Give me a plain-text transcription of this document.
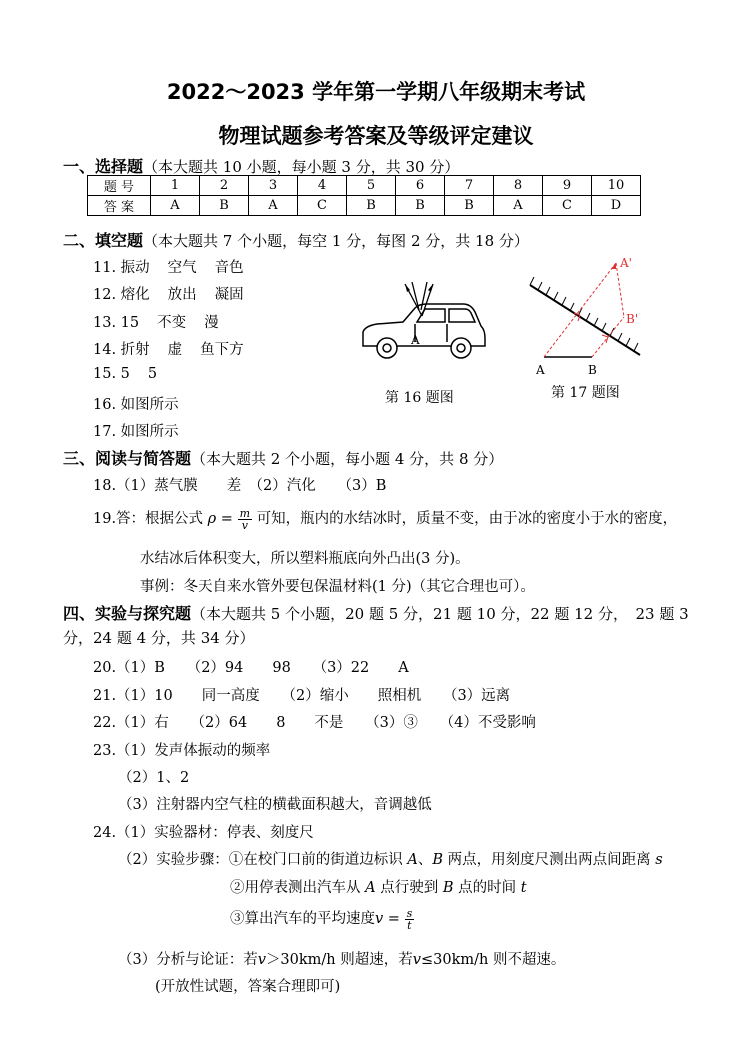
2022～2023 学年第一学期八年级期末考试
物理试题参考答案及等级评定建议
一、选择题（本大题共 10 小题，每小题 3 分，共 30 分）
题 号	1	2	3	4	5	6	7	8	9	10
答 案	A	B	A	C	B	B	B	A	C	D
二、填空题（本大题共 7 个小题，每空 1 分，每图 2 分，共 18 分）
11. 振动 空气 音色
12. 熔化 放出 凝固
13. 15 不变 漫
14. 折射 虚 鱼下方
15. 5 5
16. 如图所示
17. 如图所示
A
第 16 题图
A'
B'
A	B
第 17 题图
三、阅读与简答题（本大题共 2 个小题，每小题 4 分，共 8 分）
18.（1）蒸气膜　　差　（2）汽化　　（3）B
19.答：根据公式 $\rho = \frac{m}{v}$ 可知，瓶内的水结冰时，质量不变，由于冰的密度小于水的密度，
水结冰后体积变大，所以塑料瓶底向外凸出(3 分)。
事例：冬天自来水管外要包保温材料(1 分)（其它合理也可）。
四、实验与探究题（本大题共 5 个小题，20 题 5 分，21 题 10 分，22 题 12 分，　23 题 3
分，24 题 4 分，共 34 分）
20.（1）B　　（2）94　　98　　（3）22　　A
21.（1）10　　同一高度　　（2）缩小　　照相机　　（3）远离
22.（1）右　　（2）64　　8　　不是　　（3）③　　（4）不受影响
23.（1）发声体振动的频率
（2）1、2
（3）注射器内空气柱的横截面积越大，音调越低
24.（1）实验器材：停表、刻度尺
（2）实验步骤：①在校门口前的街道边标识 A、B 两点，用刻度尺测出两点间距离 s
②用停表测出汽车从 A 点行驶到 B 点的时间 t
③算出汽车的平均速度$v = \frac{s}{t}$
（3）分析与论证：若v＞30km/h 则超速，若v≤30km/h 则不超速。
(开放性试题，答案合理即可)
